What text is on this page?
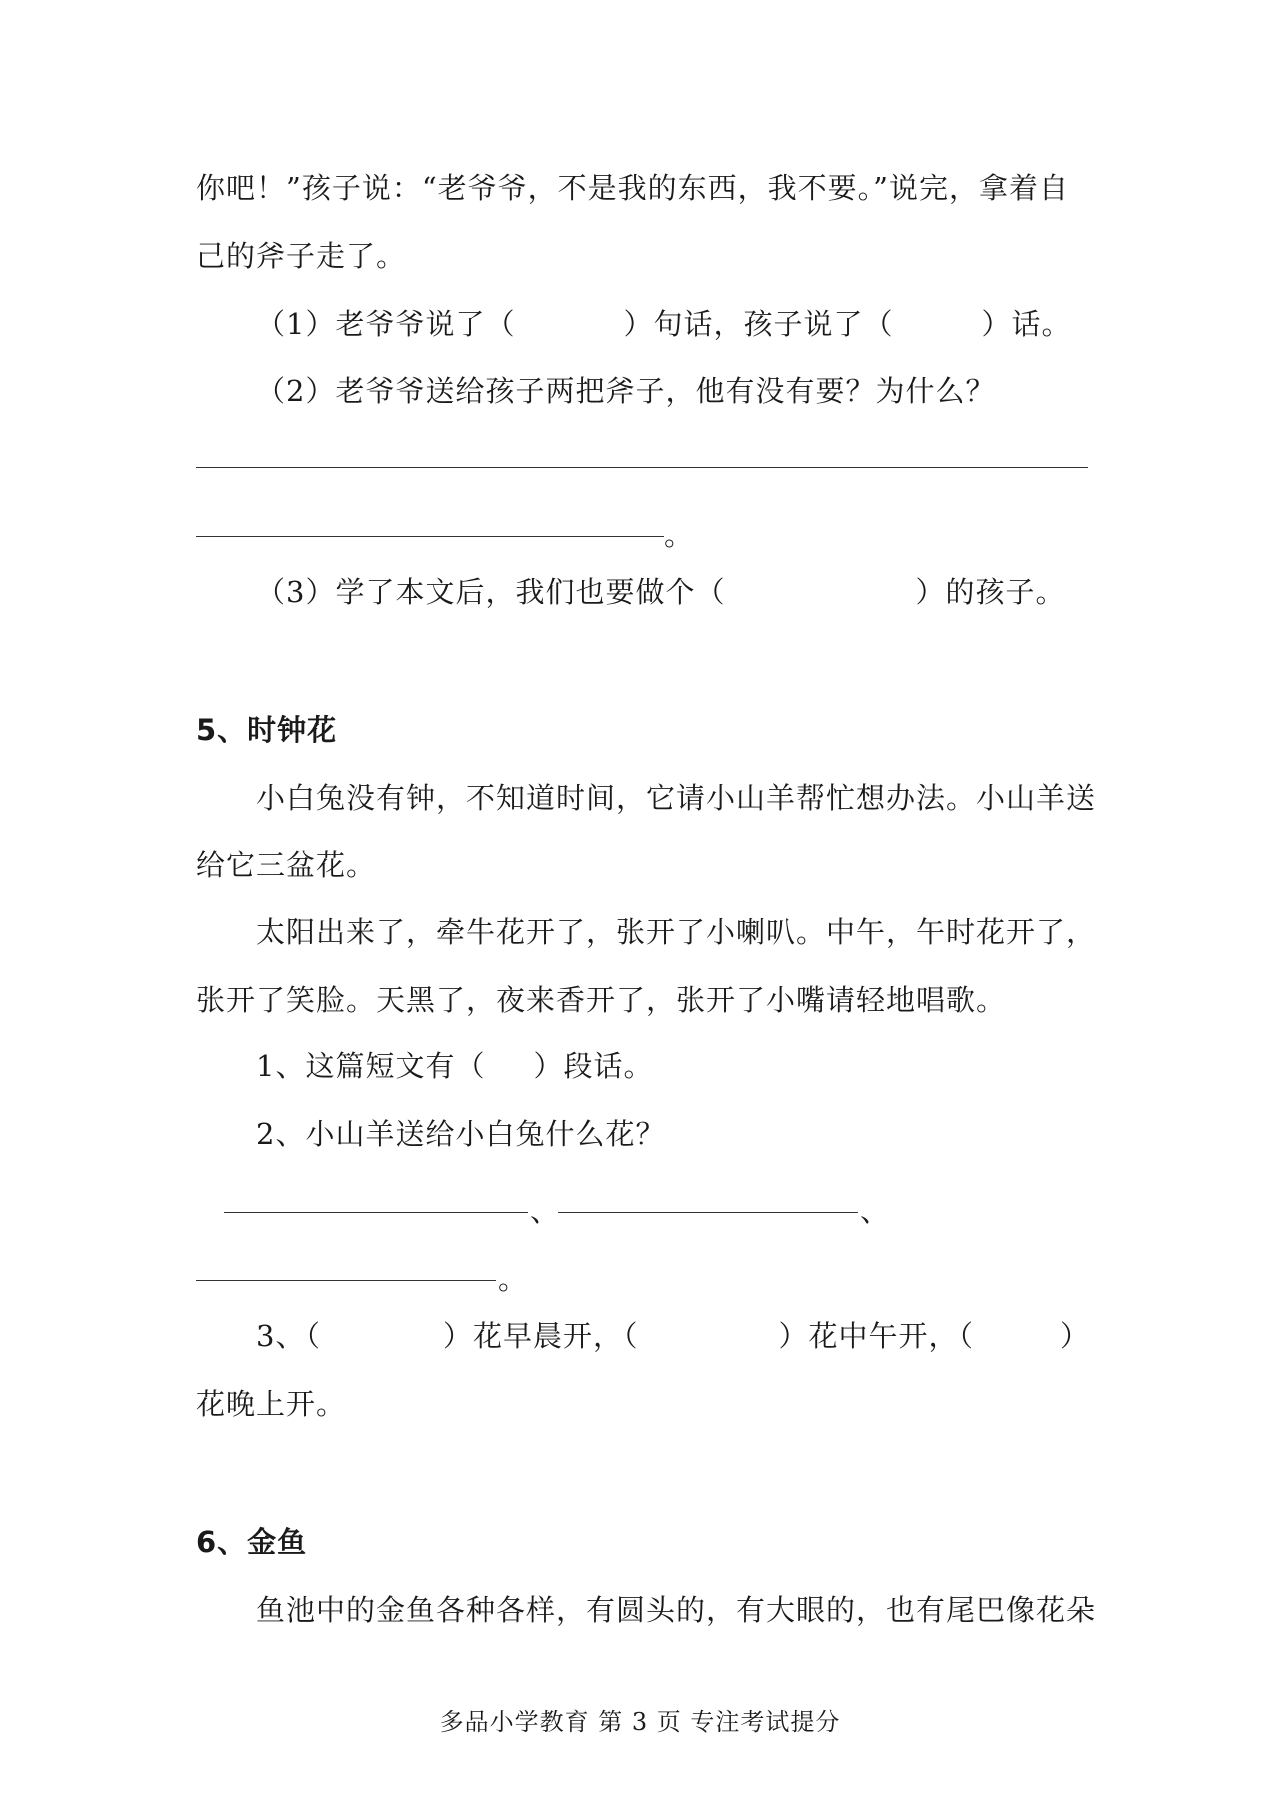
你吧！”孩子说：“老爷爷，不是我的东西，我不要。”说完，拿着自
己的斧子走了。
（1）老爷爷说了（	）句话，孩子说了（	）话。
（2）老爷爷送给孩子两把斧子，他有没有要？为什么？
。
（3）学了本文后，我们也要做个（	）的孩子。
5、时钟花
小白兔没有钟，不知道时间，它请小山羊帮忙想办法。小山羊送
给它三盆花。
太阳出来了，牵牛花开了，张开了小喇叭。中午，午时花开了，
张开了笑脸。天黑了，夜来香开了，张开了小嘴请轻地唱歌。
1、这篇短文有（ ）段话。
2、小山羊送给小白兔什么花？
、	、
。
3、（	）花早晨开，（	）花中午开，（	）
花晚上开。
6、金鱼
鱼池中的金鱼各种各样，有圆头的，有大眼的，也有尾巴像花朵
多品小学教育 第 3 页 专注考试提分
